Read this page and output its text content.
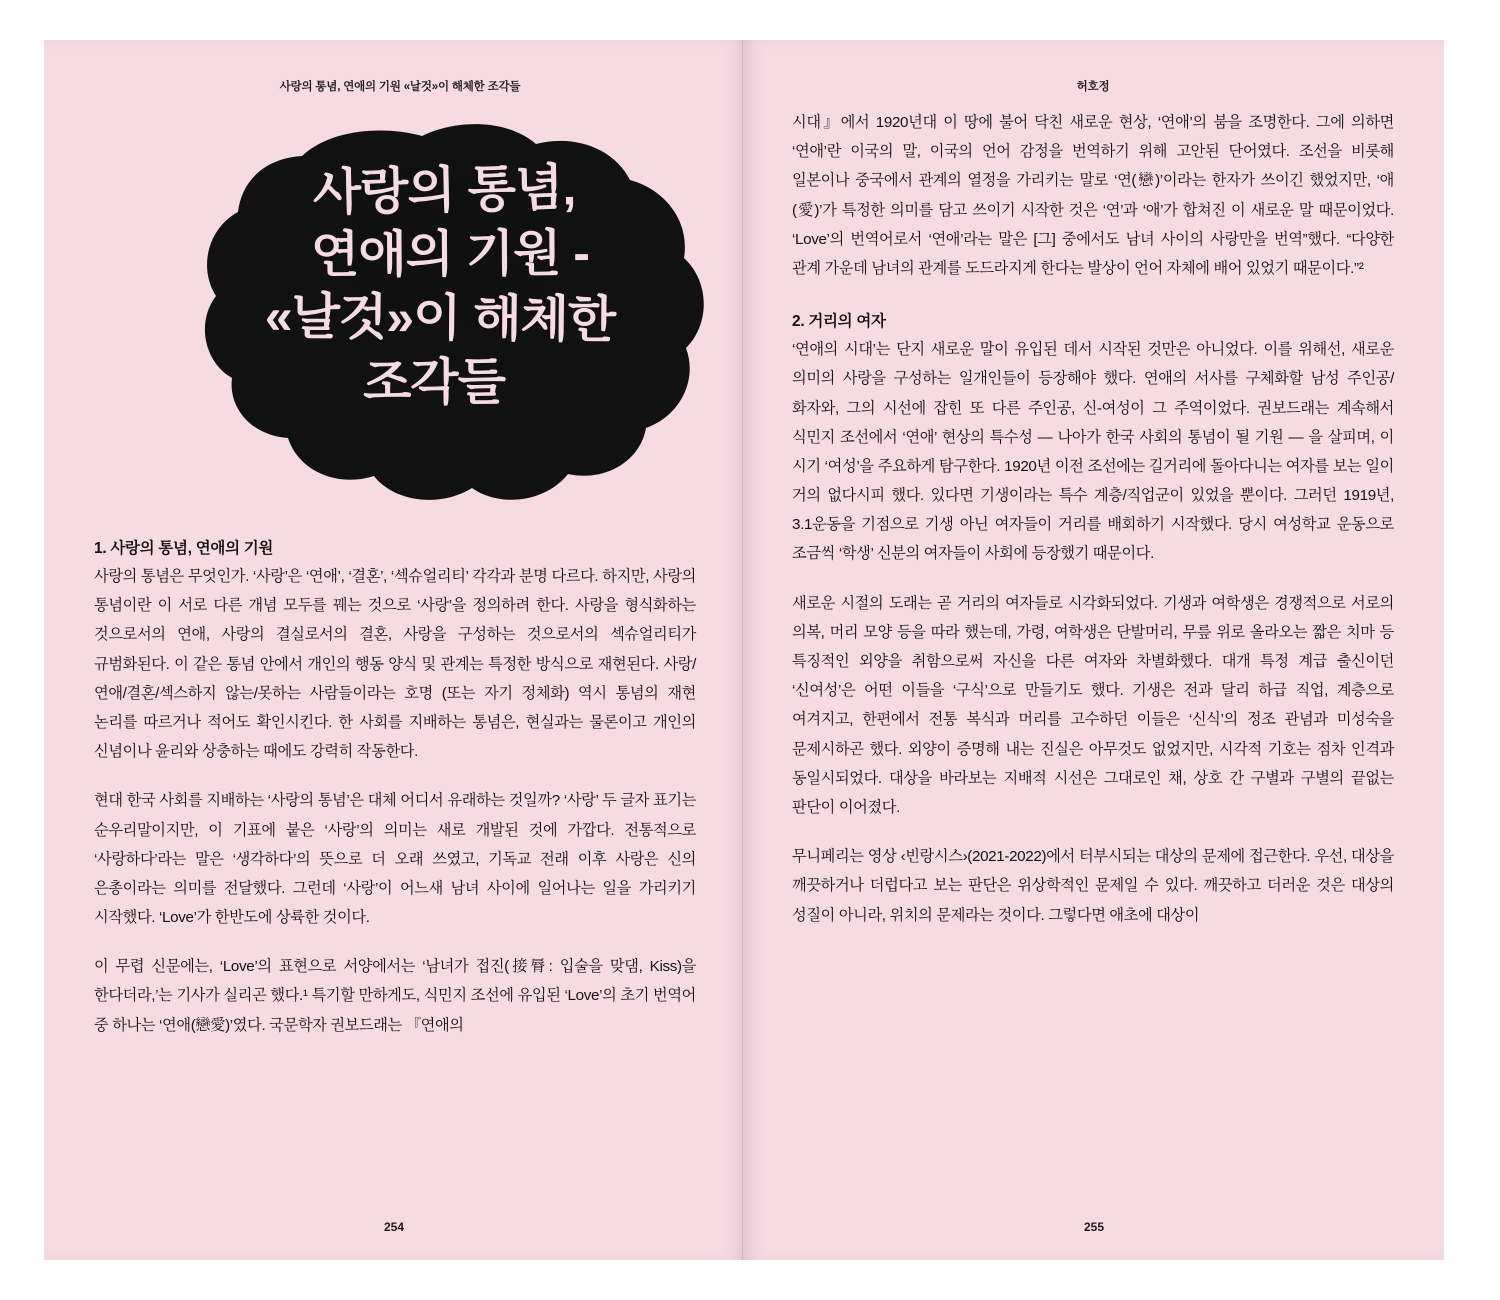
사랑의 통념, 연애의 기원 «날것»이 해체한 조각들
사랑의 통념,
연애의 기원 -
«날것»이 해체한
조각들
1. 사랑의 통념, 연애의 기원

사랑의 통념은 무엇인가. ‘사랑’은 ‘연애’, ‘결혼’, ‘섹슈얼리티’ 각각과 분명 다르다. 하지만, 사랑의 통념이란 이 서로 다른 개념 모두를 꿰는 것으로 ‘사랑’을 정의하려 한다. 사랑을 형식화하는 것으로서의 연애, 사랑의 결실로서의 결혼, 사랑을 구성하는 것으로서의 섹슈얼리티가 규범화된다. 이 같은 통념 안에서 개인의 행동 양식 및 관계는 특정한 방식으로 재현된다. 사랑/연애/결혼/섹스하지 않는/못하는 사람들이라는 호명 (또는 자기 정체화) 역시 통념의 재현 논리를 따르거나 적어도 확인시킨다. 한 사회를 지배하는 통념은, 현실과는 물론이고 개인의 신념이나 윤리와 상충하는 때에도 강력히 작동한다.

현대 한국 사회를 지배하는 ‘사랑의 통념’은 대체 어디서 유래하는 것일까? ‘사랑’ 두 글자 표기는 순우리말이지만, 이 기표에 붙은 ‘사랑’의 의미는 새로 개발된 것에 가깝다. 전통적으로 ‘사랑하다’라는 말은 ‘생각하다’의 뜻으로 더 오래 쓰였고, 기독교 전래 이후 사랑은 신의 은총이라는 의미를 전달했다. 그런데 ‘사랑’이 어느새 남녀 사이에 일어나는 일을 가리키기 시작했다. ‘Love’가 한반도에 상륙한 것이다.

이 무렵 신문에는, ‘Love’의 표현으로 서양에서는 ‘남녀가 접진(接脣: 입술을 맞댐, Kiss)을 한다더라,’는 기사가 실리곤 했다.¹ 특기할 만하게도, 식민지 조선에 유입된 ‘Love’의 초기 번역어 중 하나는 ‘연애(戀愛)’였다. 국문학자 권보드래는 『연애의

254
허호정

시대』에서 1920년대 이 땅에 불어 닥친 새로운 현상, ‘연애’의 붐을 조명한다. 그에 의하면 ‘연애’란 이국의 말, 이국의 언어 감정을 번역하기 위해 고안된 단어였다. 조선을 비롯해 일본이나 중국에서 관계의 열정을 가리키는 말로 ‘연(戀)’이라는 한자가 쓰이긴 했었지만, ‘애(愛)’가 특정한 의미를 담고 쓰이기 시작한 것은 ‘연’과 ‘애’가 합쳐진 이 새로운 말 때문이었다. ‘Love’의 번역어로서 ‘연애’라는 말은 [그] 중에서도 남녀 사이의 사랑만을 번역”했다. “다양한 관계 가운데 남녀의 관계를 도드라지게 한다는 발상이 언어 자체에 배어 있었기 때문이다.”²

2. 거리의 여자

‘연애의 시대’는 단지 새로운 말이 유입된 데서 시작된 것만은 아니었다. 이를 위해선, 새로운 의미의 사랑을 구성하는 일개인들이 등장해야 했다. 연애의 서사를 구체화할 남성 주인공/화자와, 그의 시선에 잡힌 또 다른 주인공, 신-여성이 그 주역이었다. 권보드래는 계속해서 식민지 조선에서 ‘연애’ 현상의 특수성 — 나아가 한국 사회의 통념이 될 기원 — 을 살피며, 이 시기 ‘여성’을 주요하게 탐구한다. 1920년 이전 조선에는 길거리에 돌아다니는 여자를 보는 일이 거의 없다시피 했다. 있다면 기생이라는 특수 계층/직업군이 있었을 뿐이다. 그러던 1919년, 3.1운동을 기점으로 기생 아닌 여자들이 거리를 배회하기 시작했다. 당시 여성학교 운동으로 조금씩 ‘학생’ 신분의 여자들이 사회에 등장했기 때문이다.

새로운 시절의 도래는 곧 거리의 여자들로 시각화되었다. 기생과 여학생은 경쟁적으로 서로의 의복, 머리 모양 등을 따라 했는데, 가령, 여학생은 단발머리, 무릎 위로 올라오는 짧은 치마 등 특징적인 외양을 취함으로써 자신을 다른 여자와 차별화했다. 대개 특정 계급 출신이던 ‘신여성’은 어떤 이들을 ‘구식’으로 만들기도 했다. 기생은 전과 달리 하급 직업, 계층으로 여겨지고, 한편에서 전통 복식과 머리를 고수하던 이들은 ‘신식’의 정조 관념과 미성숙을 문제시하곤 했다. 외양이 증명해 내는 진실은 아무것도 없었지만, 시각적 기호는 점차 인격과 동일시되었다. 대상을 바라보는 지배적 시선은 그대로인 채, 상호 간 구별과 구별의 끝없는 판단이 이어졌다.

무니페리는 영상 ‹빈랑시스›(2021-2022)에서 터부시되는 대상의 문제에 접근한다. 우선, 대상을 깨끗하거나 더럽다고 보는 판단은 위상학적인 문제일 수 있다. 깨끗하고 더러운 것은 대상의 성질이 아니라, 위치의 문제라는 것이다. 그렇다면 애초에 대상이

255
